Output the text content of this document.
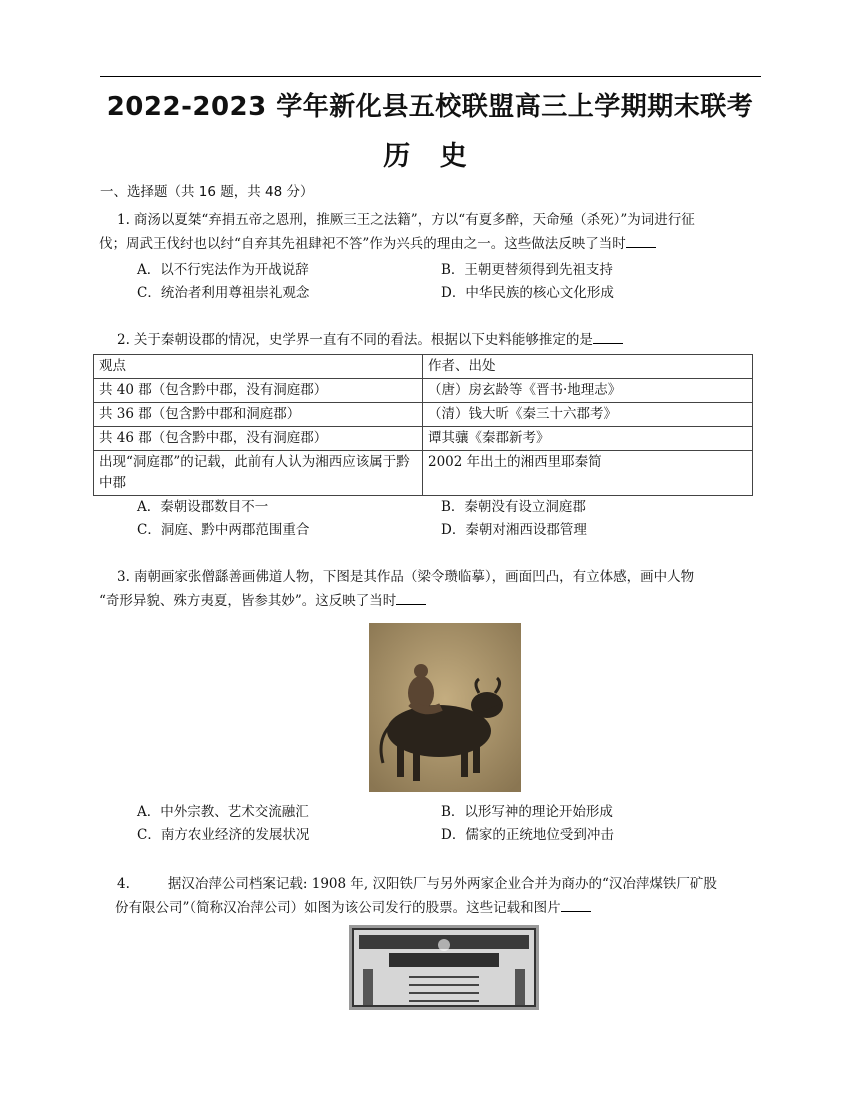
2022-2023 学年新化县五校联盟高三上学期期末联考
历 史
一、选择题（共 16 题，共 48 分）
1. 商汤以夏桀“弃捐五帝之恩刑，推厥三王之法籍”，方以“有夏多醉，天命殛（杀死）”为词进行征
伐；周武王伐纣也以纣“自弃其先祖肆祀不答”作为兴兵的理由之一。这些做法反映了当时
A．以不行宪法作为开战说辞	B．王朝更替须得到先祖支持
C．统治者利用尊祖崇礼观念	D．中华民族的核心文化形成
2. 关于秦朝设郡的情况，史学界一直有不同的看法。根据以下史料能够推定的是
观点	作者、出处
共 40 郡（包含黔中郡，没有洞庭郡）	（唐）房玄龄等《晋书·地理志》
共 36 郡（包含黔中郡和洞庭郡）	（清）钱大昕《秦三十六郡考》
共 46 郡（包含黔中郡，没有洞庭郡）	谭其骧《秦郡新考》
出现“洞庭郡”的记载，此前有人认为湘西应该属于黔中郡	2002 年出土的湘西里耶秦简
A．秦朝设郡数目不一	B．秦朝没有设立洞庭郡
C．洞庭、黔中两郡范围重合	D．秦朝对湘西设郡管理
3. 南朝画家张僧繇善画佛道人物，下图是其作品（梁令瓒临摹），画面凹凸，有立体感，画中人物
“奇形异貌、殊方夷夏，皆参其妙”。这反映了当时
A．中外宗教、艺术交流融汇	B．以形写神的理论开始形成
C．南方农业经济的发展状况	D．儒家的正统地位受到冲击
4.	据汉冶萍公司档案记载: 1908 年, 汉阳铁厂与另外两家企业合并为商办的“汉冶萍煤铁厂矿股
份有限公司”（简称汉冶萍公司）如图为该公司发行的股票。这些记载和图片
